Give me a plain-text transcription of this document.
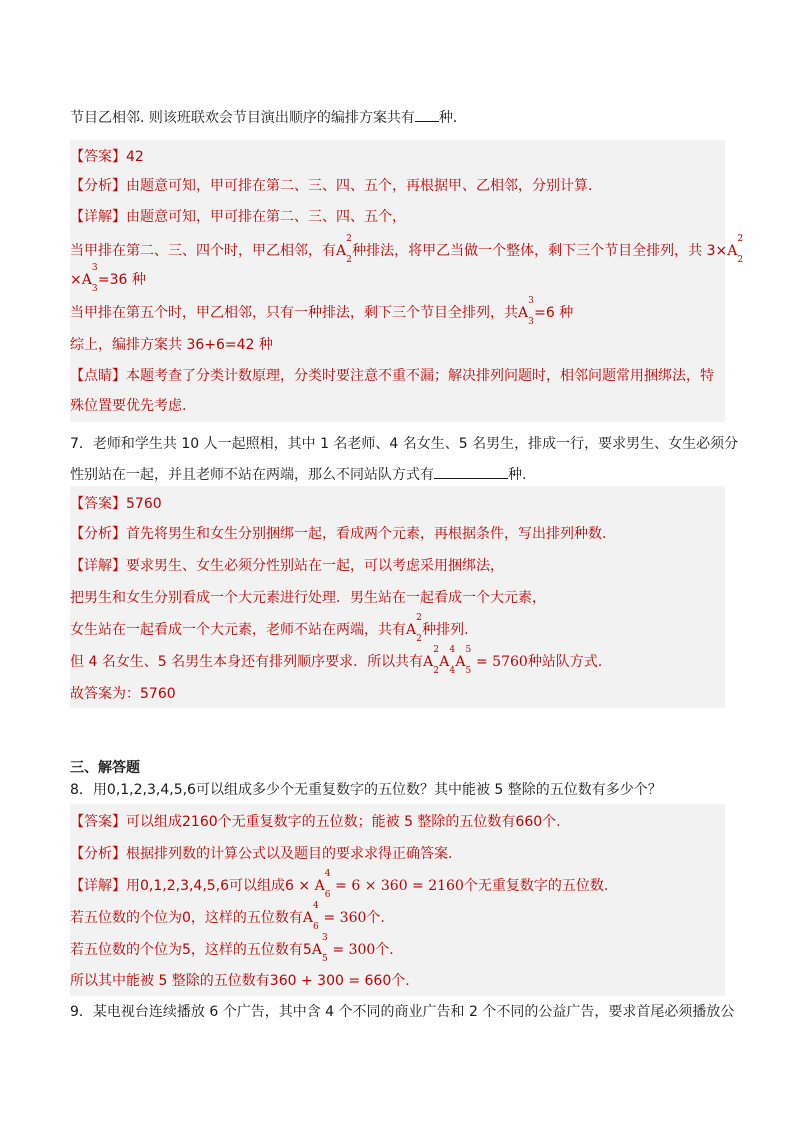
节目乙相邻. 则该班联欢会节目演出顺序的编排方案共有 种.
【答案】42
【分析】由题意可知，甲可排在第二、三、四、五个，再根据甲、乙相邻，分别计算.
【详解】由题意可知，甲可排在第二、三、四、五个，
当甲排在第二、三、四个时，甲乙相邻，有A
2
2
种排法，将甲乙当做一个整体，剩下三个节目全排列，共 3×A
2
2
×A
3
3
=36 种
当甲排在第五个时，甲乙相邻，只有一种排法，剩下三个节目全排列，共A
3
3
=6 种
综上，编排方案共 36+6=42 种
【点睛】本题考查了分类计数原理，分类时要注意不重不漏；解决排列问题时，相邻问题常用捆绑法，特
殊位置要优先考虑.
7．老师和学生共 10 人一起照相，其中 1 名老师、4 名女生、5 名男生，排成一行，要求男生、女生必须分
性别站在一起，并且老师不站在两端，那么不同站队方式有	种.
【答案】5760
【分析】首先将男生和女生分别捆绑一起，看成两个元素，再根据条件，写出排列种数.
【详解】要求男生、女生必须分性别站在一起，可以考虑采用捆绑法，
把男生和女生分别看成一个大元素进行处理．男生站在一起看成一个大元素，
女生站在一起看成一个大元素，老师不站在两端，共有A
2
2
种排列.
但 4 名女生、5 名男生本身还有排列顺序要求．所以共有A
2
2
A
4
4
A
5
5
= 5760种站队方式.
故答案为：5760
三、解答题
8．用0,1,2,3,4,5,6可以组成多少个无重复数字的五位数？其中能被 5 整除的五位数有多少个？
【答案】可以组成2160个无重复数字的五位数；能被 5 整除的五位数有660个.
【分析】根据排列数的计算公式以及题目的要求求得正确答案.
【详解】用0,1,2,3,4,5,6可以组成6 × A
4
6
= 6 × 360 = 2160个无重复数字的五位数.
若五位数的个位为0，这样的五位数有A
4
6
= 360个.
若五位数的个位为5，这样的五位数有5A
3
5
= 300个.
所以其中能被 5 整除的五位数有360 + 300 = 660个.
9．某电视台连续播放 6 个广告，其中含 4 个不同的商业广告和 2 个不同的公益广告，要求首尾必须播放公
